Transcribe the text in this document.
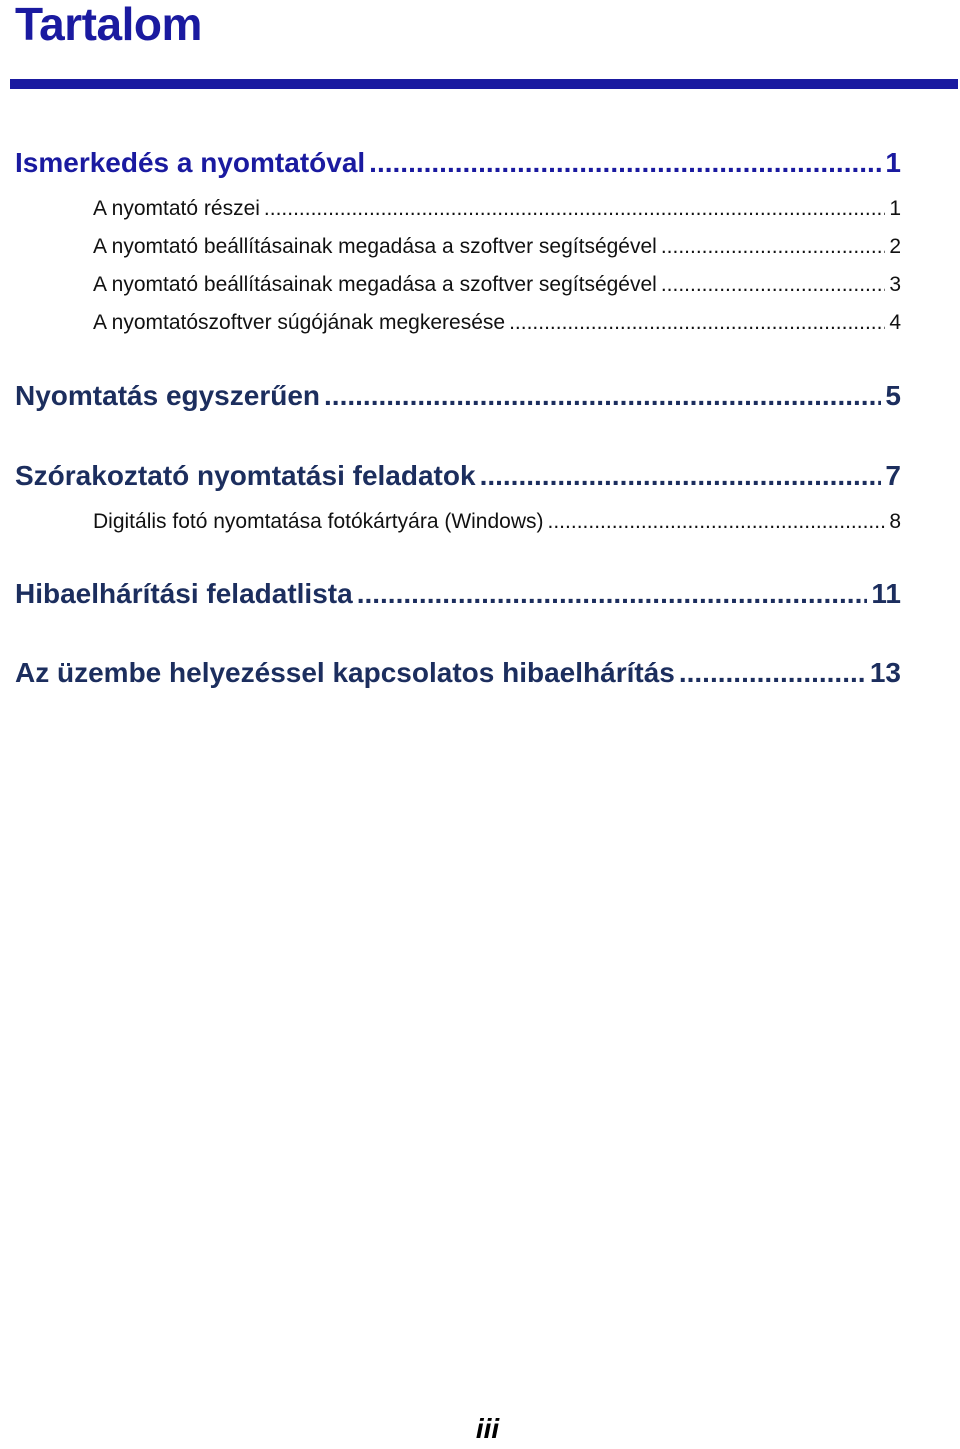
Tartalom
Ismerkedés a nyomtatóval .....	1
A nyomtató részei .....	1
A nyomtató beállításainak megadása a szoftver segítségével .....	2
A nyomtató beállításainak megadása a szoftver segítségével .....	3
A nyomtatószoftver súgójának megkeresése .....	4
Nyomtatás egyszerűen .....	5
Szórakoztató nyomtatási feladatok .....	7
Digitális fotó nyomtatása fotókártyára (Windows) .....	8
Hibaelhárítási feladatlista .....	11
Az üzembe helyezéssel kapcsolatos hibaelhárítás .....	13
iii
